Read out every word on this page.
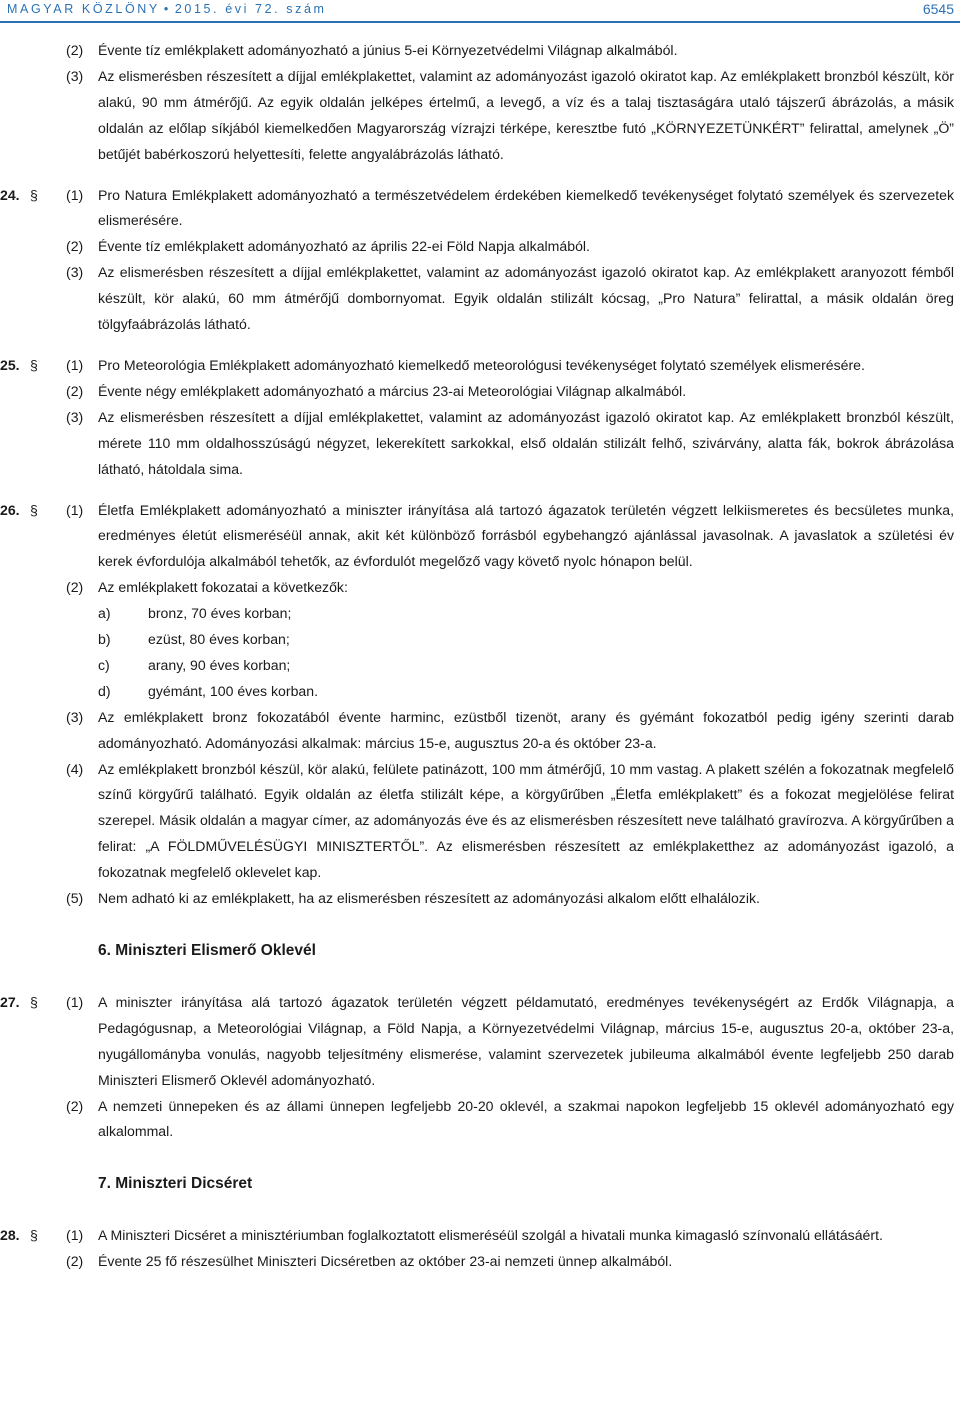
MAGYAR KÖZLÖNY • 2015. évi 72. szám	6545
(2) Évente tíz emlékplakett adományozható a június 5-ei Környezetvédelmi Világnap alkalmából.
(3) Az elismerésben részesített a díjjal emlékplakettet, valamint az adományozást igazoló okiratot kap. Az emlékplakett bronzból készült, kör alakú, 90 mm átmérőjű. Az egyik oldalán jelképes értelmű, a levegő, a víz és a talaj tisztaságára utaló tájszerű ábrázolás, a másik oldalán az előlap síkjából kiemelkedően Magyarország vízrajzi térképe, keresztbe futó „KÖRNYEZETÜNKÉRT” felirattal, amelynek „Ö” betűjét babérkoszorú helyettesíti, felette angyalábrázolás látható.
24. § (1) Pro Natura Emlékplakett adományozható a természetvédelem érdekében kiemelkedő tevékenységet folytató személyek és szervezetek elismerésére.
(2) Évente tíz emlékplakett adományozható az április 22-ei Föld Napja alkalmából.
(3) Az elismerésben részesített a díjjal emlékplakettet, valamint az adományozást igazoló okiratot kap. Az emlékplakett aranyozott fémből készült, kör alakú, 60 mm átmérőjű dombornyomat. Egyik oldalán stilizált kócsag, „Pro Natura” felirattal, a másik oldalán öreg tölgyfaábrázolás látható.
25. § (1) Pro Meteorológia Emlékplakett adományozható kiemelkedő meteorológusi tevékenységet folytató személyek elismerésére.
(2) Évente négy emlékplakett adományozható a március 23-ai Meteorológiai Világnap alkalmából.
(3) Az elismerésben részesített a díjjal emlékplakettet, valamint az adományozást igazoló okiratot kap. Az emlékplakett bronzból készült, mérete 110 mm oldalhosszúságú négyzet, lekerekített sarkokkal, első oldalán stilizált felhő, szivárvány, alatta fák, bokrok ábrázolása látható, hátoldala sima.
26. § (1) Életfa Emlékplakett adományozható a miniszter irányítása alá tartozó ágazatok területén végzett lelkiismeretes és becsületes munka, eredményes életút elismeréséül annak, akit két különböző forrásból egybehangzó ajánlással javasolnak. A javaslatok a születési év kerek évfordulója alkalmából tehetők, az évfordulót megelőző vagy követő nyolc hónapon belül.
(2) Az emlékplakett fokozatai a következők:
a)	bronz, 70 éves korban;
b)	ezüst, 80 éves korban;
c)	arany, 90 éves korban;
d)	gyémánt, 100 éves korban.
(3) Az emlékplakett bronz fokozatából évente harminc, ezüstből tizenöt, arany és gyémánt fokozatból pedig igény szerinti darab adományozható. Adományozási alkalmak: március 15-e, augusztus 20-a és október 23-a.
(4) Az emlékplakett bronzból készül, kör alakú, felülete patinázott, 100 mm átmérőjű, 10 mm vastag. A plakett szélén a fokozatnak megfelelő színű körgyűrű található. Egyik oldalán az életfa stilizált képe, a körgyűrűben „Életfa emlékplakett” és a fokozat megjelölése felirat szerepel. Másik oldalán a magyar címer, az adományozás éve és az elismerésben részesített neve található gravírozva. A körgyűrűben a felirat: „A FÖLDMŰVELÉSÜGYI MINISZTERTŐL”. Az elismerésben részesített az emlékplaketthez az adományozást igazoló, a fokozatnak megfelelő oklevelet kap.
(5) Nem adható ki az emlékplakett, ha az elismerésben részesített az adományozási alkalom előtt elhalálozik.
6. Miniszteri Elismerő Oklevél
27. § (1) A miniszter irányítása alá tartozó ágazatok területén végzett példamutató, eredményes tevékenységért az Erdők Világnapja, a Pedagógusnap, a Meteorológiai Világnap, a Föld Napja, a Környezetvédelmi Világnap, március 15-e, augusztus 20-a, október 23-a, nyugállományba vonulás, nagyobb teljesítmény elismerése, valamint szervezetek jubileuma alkalmából évente legfeljebb 250 darab Miniszteri Elismerő Oklevél adományozható.
(2) A nemzeti ünnepeken és az állami ünnepen legfeljebb 20-20 oklevél, a szakmai napokon legfeljebb 15 oklevél adományozható egy alkalommal.
7. Miniszteri Dicséret
28. § (1) A Miniszteri Dicséret a minisztériumban foglalkoztatott elismeréséül szolgál a hivatali munka kimagasló színvonalú ellátásáért.
(2) Évente 25 fő részesülhet Miniszteri Dicséretben az október 23-ai nemzeti ünnep alkalmából.
